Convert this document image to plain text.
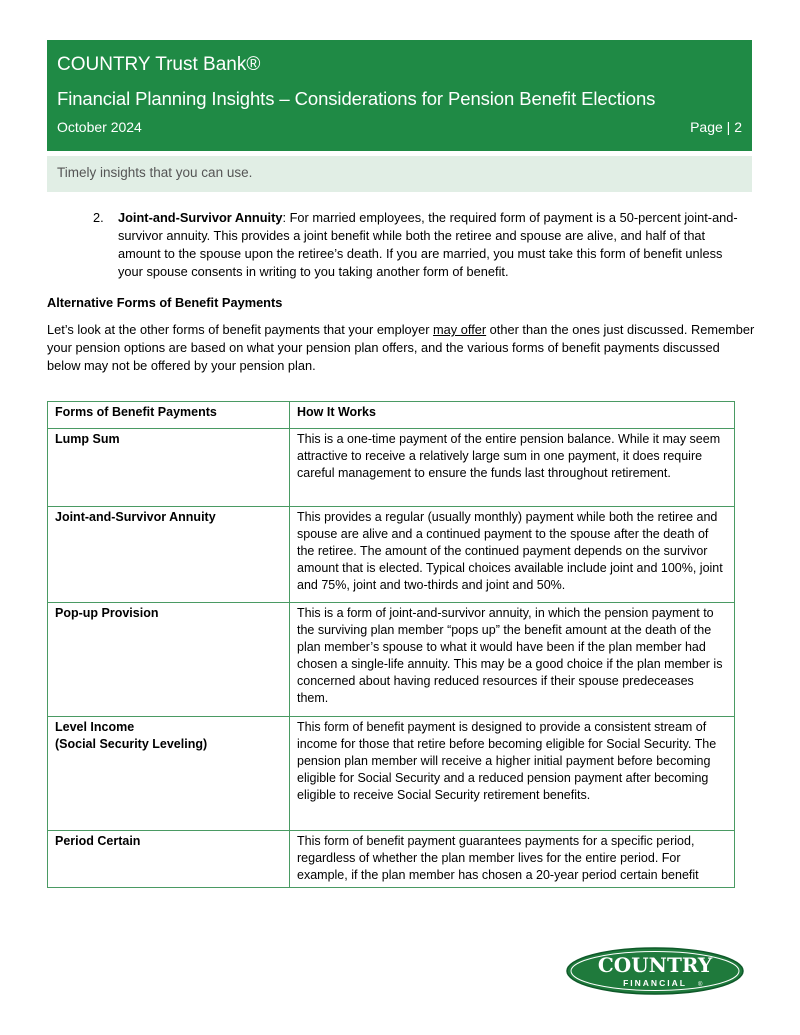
COUNTRY Trust Bank®
Financial Planning Insights – Considerations for Pension Benefit Elections
October 2024	Page | 2
Timely insights that you can use.
2.	Joint-and-Survivor Annuity: For married employees, the required form of payment is a 50-percent joint-and-survivor annuity. This provides a joint benefit while both the retiree and spouse are alive, and half of that amount to the spouse upon the retiree’s death. If you are married, you must take this form of benefit unless your spouse consents in writing to you taking another form of benefit.
Alternative Forms of Benefit Payments
Let’s look at the other forms of benefit payments that your employer may offer other than the ones just discussed. Remember your pension options are based on what your pension plan offers, and the various forms of benefit payments discussed below may not be offered by your pension plan.
Forms of Benefit Payments	How It Works
Lump Sum	This is a one-time payment of the entire pension balance. While it may seem attractive to receive a relatively large sum in one payment, it does require careful management to ensure the funds last throughout retirement.
Joint-and-Survivor Annuity	This provides a regular (usually monthly) payment while both the retiree and spouse are alive and a continued payment to the spouse after the death of the retiree. The amount of the continued payment depends on the survivor amount that is elected. Typical choices available include joint and 100%, joint and 75%, joint and two-thirds and joint and 50%.
Pop-up Provision	This is a form of joint-and-survivor annuity, in which the pension payment to the surviving plan member “pops up” the benefit amount at the death of the plan member’s spouse to what it would have been if the plan member had chosen a single-life annuity. This may be a good choice if the plan member is concerned about having reduced resources if their spouse predeceases them.

Level Income
(Social Security Leveling)	This form of benefit payment is designed to provide a consistent stream of income for those that retire before becoming eligible for Social Security. The pension plan member will receive a higher initial payment before becoming eligible for Social Security and a reduced pension payment after becoming eligible to receive Social Security retirement benefits.
Period Certain	This form of benefit payment guarantees payments for a specific period, regardless of whether the plan member lives for the entire period. For example, if the plan member has chosen a 20-year period certain benefit
COUNTRY
FINANCIAL ®
